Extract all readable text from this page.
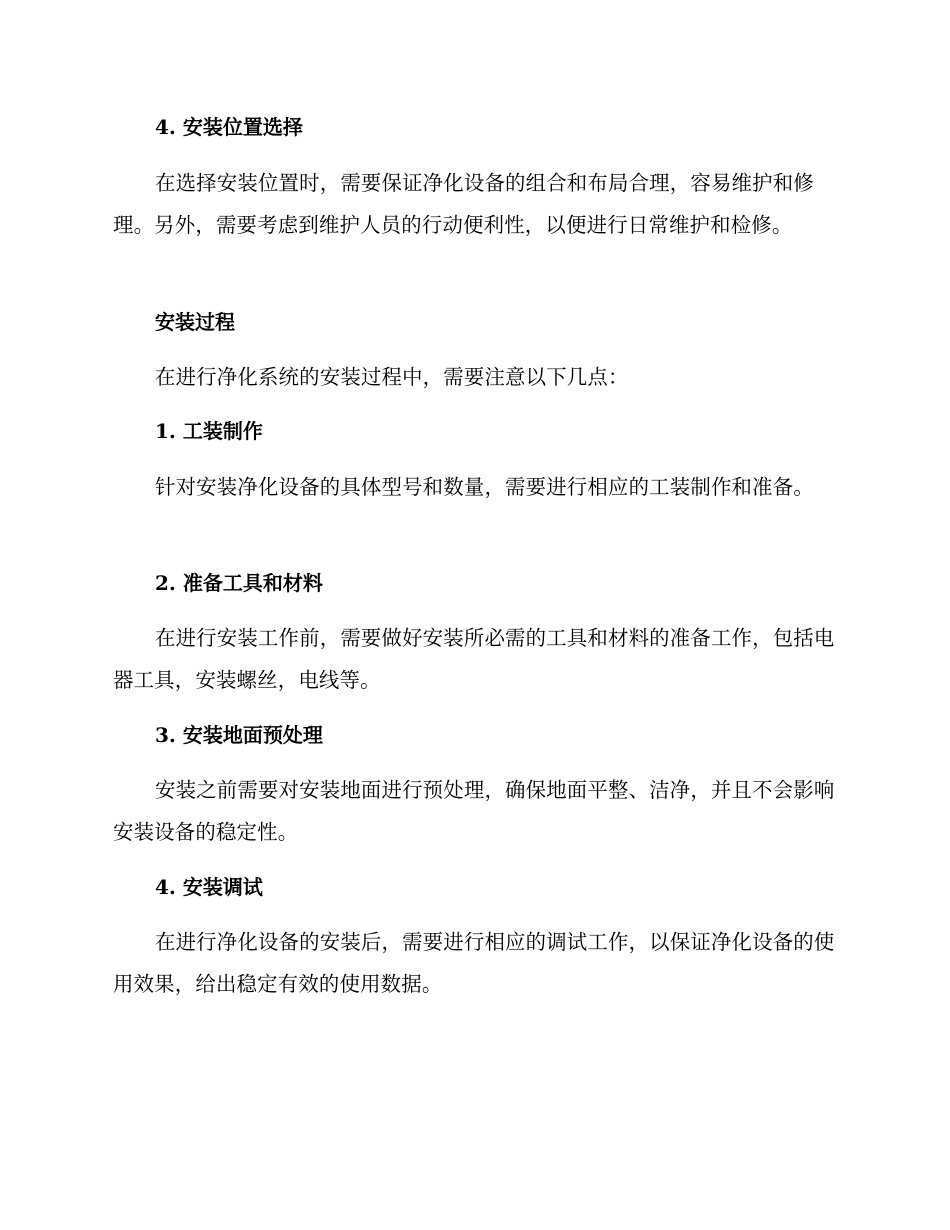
4. 安装位置选择
在选择安装位置时，需要保证净化设备的组合和布局合理，容易维护和修理。另外，需要考虑到维护人员的行动便利性，以便进行日常维护和检修。
安装过程
在进行净化系统的安装过程中，需要注意以下几点：
1. 工装制作
针对安装净化设备的具体型号和数量，需要进行相应的工装制作和准备。
2. 准备工具和材料
在进行安装工作前，需要做好安装所必需的工具和材料的准备工作，包括电器工具，安装螺丝，电线等。
3. 安装地面预处理
安装之前需要对安装地面进行预处理，确保地面平整、洁净，并且不会影响安装设备的稳定性。
4. 安装调试
在进行净化设备的安装后，需要进行相应的调试工作，以保证净化设备的使用效果，给出稳定有效的使用数据。
